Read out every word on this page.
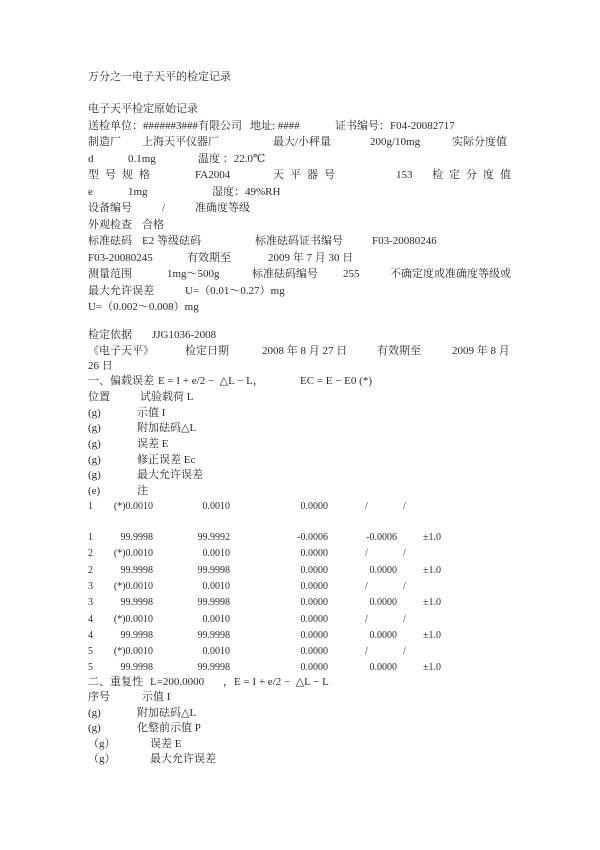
万分之一电子天平的检定记录
电子天平检定原始记录
送检单位：######3###有限公司 地址: ####	证书编号：F04-20082717
制造厂 上海天平仪器厂	最大/小秤量	200g/10mg	实际分度值
d	0.1mg	温度 ：22.0℃
型号规格	FA2004	天平器号	153 检定分度值
e	1mg	湿度：49%RH
设备编号	/	准确度等级
外观检查 合格
标准砝码 E2 等级砝码	标准砝码证书编号	F03-20080246
F03-20080245	有效期至	2009 年 7 月 30 日
测量范围	1mg～500g	标准砝码编号 255	不确定度或准确度等级或
最大允许误差	U=（0.01～0.27）mg
U=（0.002～0.008）mg
检定依据 JJG1036-2008
《电子天平》	检定日期	2008 年 8 月 27 日	有效期至	2009 年 8 月
26 日
一、偏载误差 E = I + e/2 −  △L − L，	EC = E − E0 (*)
位置	试验载荷 L
(g)	示值 I
(g)	附加砝码△L
(g)	误差 E
(g)	修正误差 Ec
(g)	最大允许误差
(e)	注
1 (*)0.0010	0.0010	0.0000	/	/
1	99.9998	99.9992	-0.0006	-0.0006	±1.0
2 (*)0.0010	0.0010	0.0000	/	/
2	99.9998	99.9998	0.0000	0.0000	±1.0
3 (*)0.0010	0.0010	0.0000	/	/
3	99.9998	99.9998	0.0000	0.0000	±1.0
4 (*)0.0010	0.0010	0.0000	/	/
4	99.9998	99.9998	0.0000	0.0000	±1.0
5 (*)0.0010	0.0010	0.0000	/	/
5	99.9998	99.9998	0.0000	0.0000	±1.0
二、重复性 L=200.0000 ，E = I + e/2 −  △L − L
序号	示值 I
(g)	附加砝码△L
(g)	化整前示值 P
（g）	误差 E
（g）	最大允许误差
